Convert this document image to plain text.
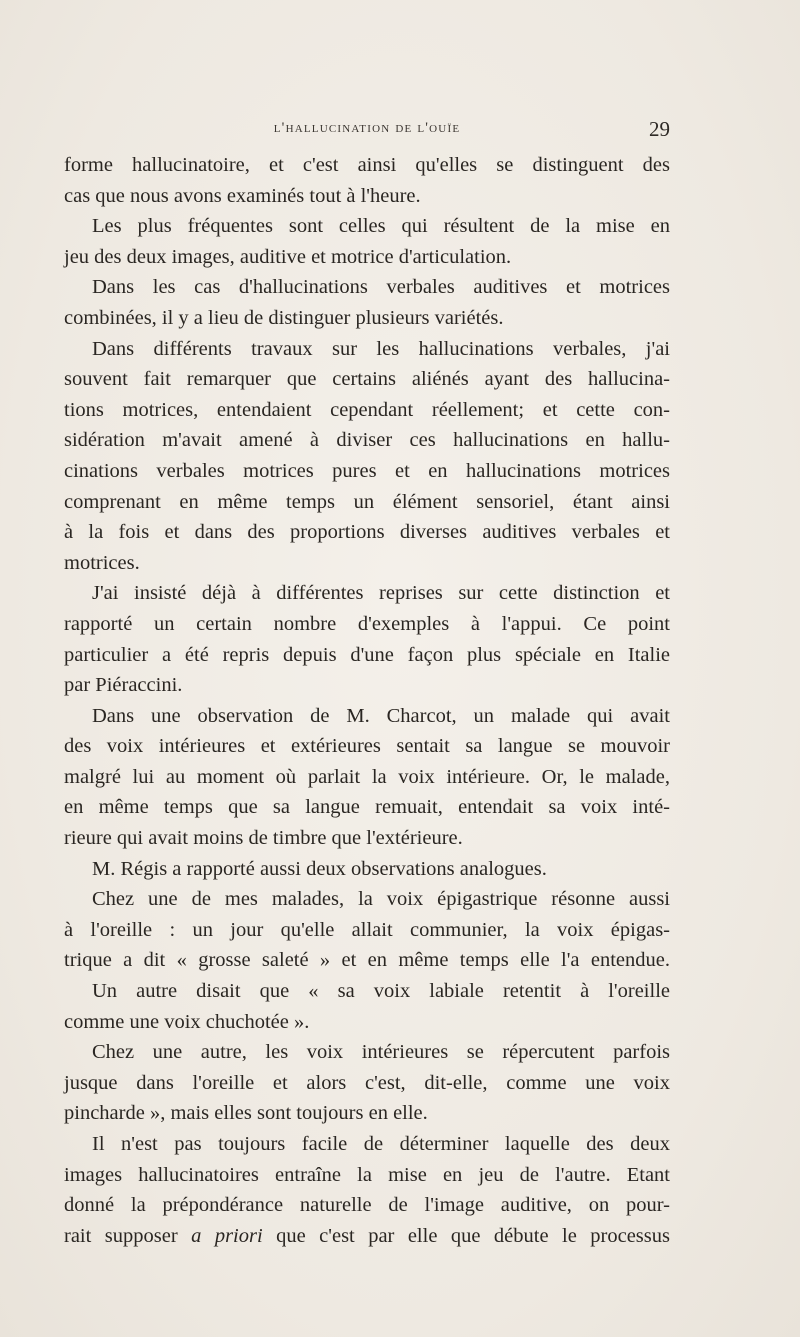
l'hallucination de l'ouïe	29
forme hallucinatoire, et c'est ainsi qu'elles se distinguent des
cas que nous avons examinés tout à l'heure.
Les plus fréquentes sont celles qui résultent de la mise en
jeu des deux images, auditive et motrice d'articulation.
Dans les cas d'hallucinations verbales auditives et motrices
combinées, il y a lieu de distinguer plusieurs variétés.
Dans différents travaux sur les hallucinations verbales, j'ai
souvent fait remarquer que certains aliénés ayant des hallucina-
tions motrices, entendaient cependant réellement; et cette con-
sidération m'avait amené à diviser ces hallucinations en hallu-
cinations verbales motrices pures et en hallucinations motrices
comprenant en même temps un élément sensoriel, étant ainsi
à la fois et dans des proportions diverses auditives verbales et
motrices.
J'ai insisté déjà à différentes reprises sur cette distinction et
rapporté un certain nombre d'exemples à l'appui. Ce point
particulier a été repris depuis d'une façon plus spéciale en Italie
par Piéraccini.
Dans une observation de M. Charcot, un malade qui avait
des voix intérieures et extérieures sentait sa langue se mouvoir
malgré lui au moment où parlait la voix intérieure. Or, le malade,
en même temps que sa langue remuait, entendait sa voix inté-
rieure qui avait moins de timbre que l'extérieure.
M. Régis a rapporté aussi deux observations analogues.
Chez une de mes malades, la voix épigastrique résonne aussi
à l'oreille : un jour qu'elle allait communier, la voix épigas-
trique a dit « grosse saleté » et en même temps elle l'a entendue.
Un autre disait que « sa voix labiale retentit à l'oreille
comme une voix chuchotée ».
Chez une autre, les voix intérieures se répercutent parfois
jusque dans l'oreille et alors c'est, dit-elle, comme une voix
pincharde », mais elles sont toujours en elle.
Il n'est pas toujours facile de déterminer laquelle des deux
images hallucinatoires entraîne la mise en jeu de l'autre. Etant
donné la prépondérance naturelle de l'image auditive, on pour-
rait supposer a priori que c'est par elle que débute le processus
